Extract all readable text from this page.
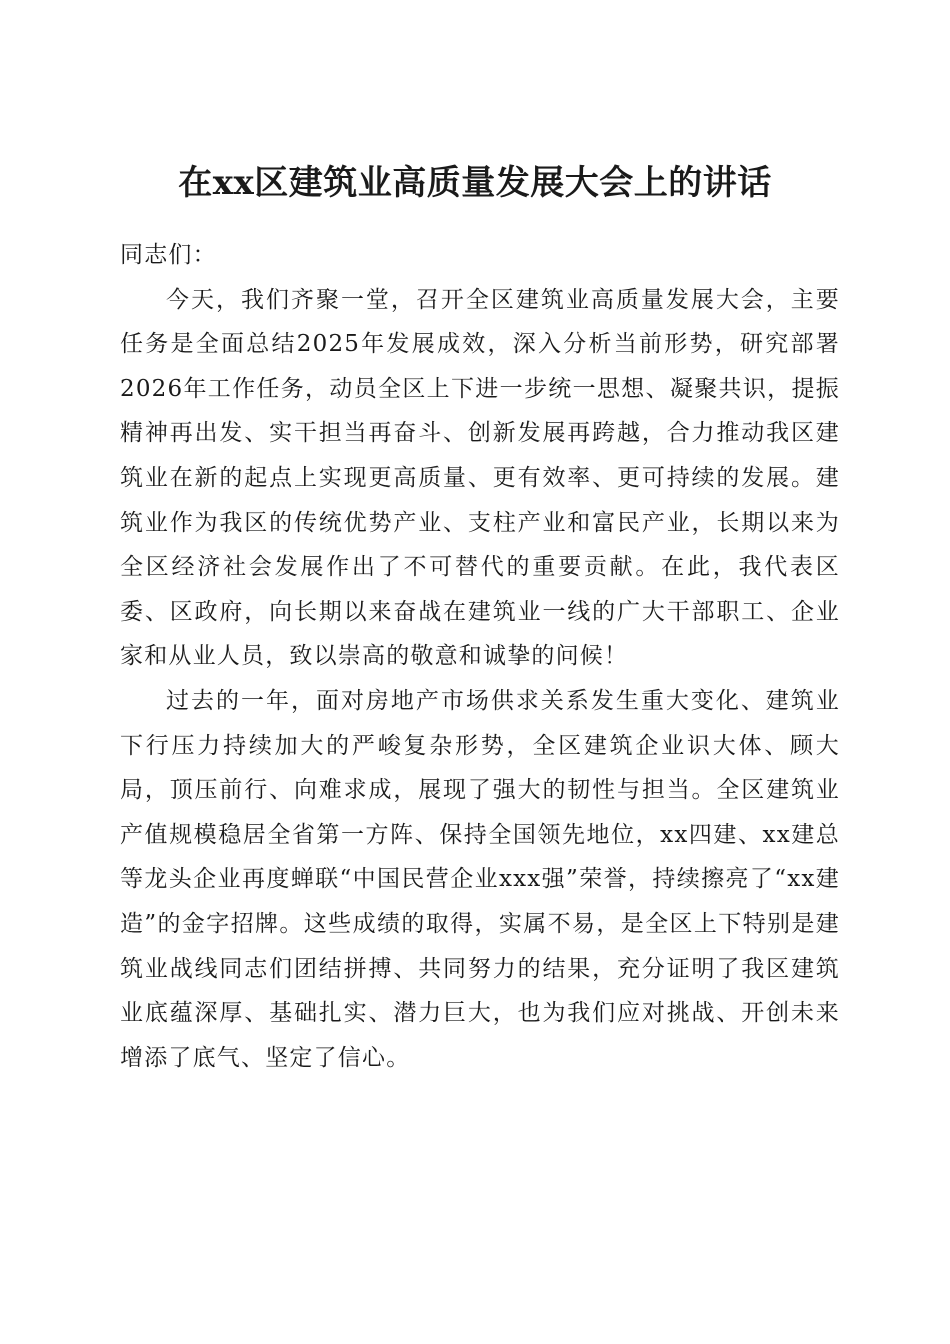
在xx区建筑业高质量发展大会上的讲话

同志们：

今天，我们齐聚一堂，召开全区建筑业高质量发展大会，主要任务是全面总结2025年发展成效，深入分析当前形势，研究部署2026年工作任务，动员全区上下进一步统一思想、凝聚共识，提振精神再出发、实干担当再奋斗、创新发展再跨越，合力推动我区建筑业在新的起点上实现更高质量、更有效率、更可持续的发展。建筑业作为我区的传统优势产业、支柱产业和富民产业，长期以来为全区经济社会发展作出了不可替代的重要贡献。在此，我代表区委、区政府，向长期以来奋战在建筑业一线的广大干部职工、企业家和从业人员，致以崇高的敬意和诚挚的问候！

过去的一年，面对房地产市场供求关系发生重大变化、建筑业下行压力持续加大的严峻复杂形势，全区建筑企业识大体、顾大局，顶压前行、向难求成，展现了强大的韧性与担当。全区建筑业产值规模稳居全省第一方阵、保持全国领先地位，xx四建、xx建总等龙头企业再度蝉联“中国民营企业xxx强”荣誉，持续擦亮了“xx建造”的金字招牌。这些成绩的取得，实属不易，是全区上下特别是建筑业战线同志们团结拼搏、共同努力的结果，充分证明了我区建筑业底蕴深厚、基础扎实、潜力巨大，也为我们应对挑战、开创未来增添了底气、坚定了信心。
